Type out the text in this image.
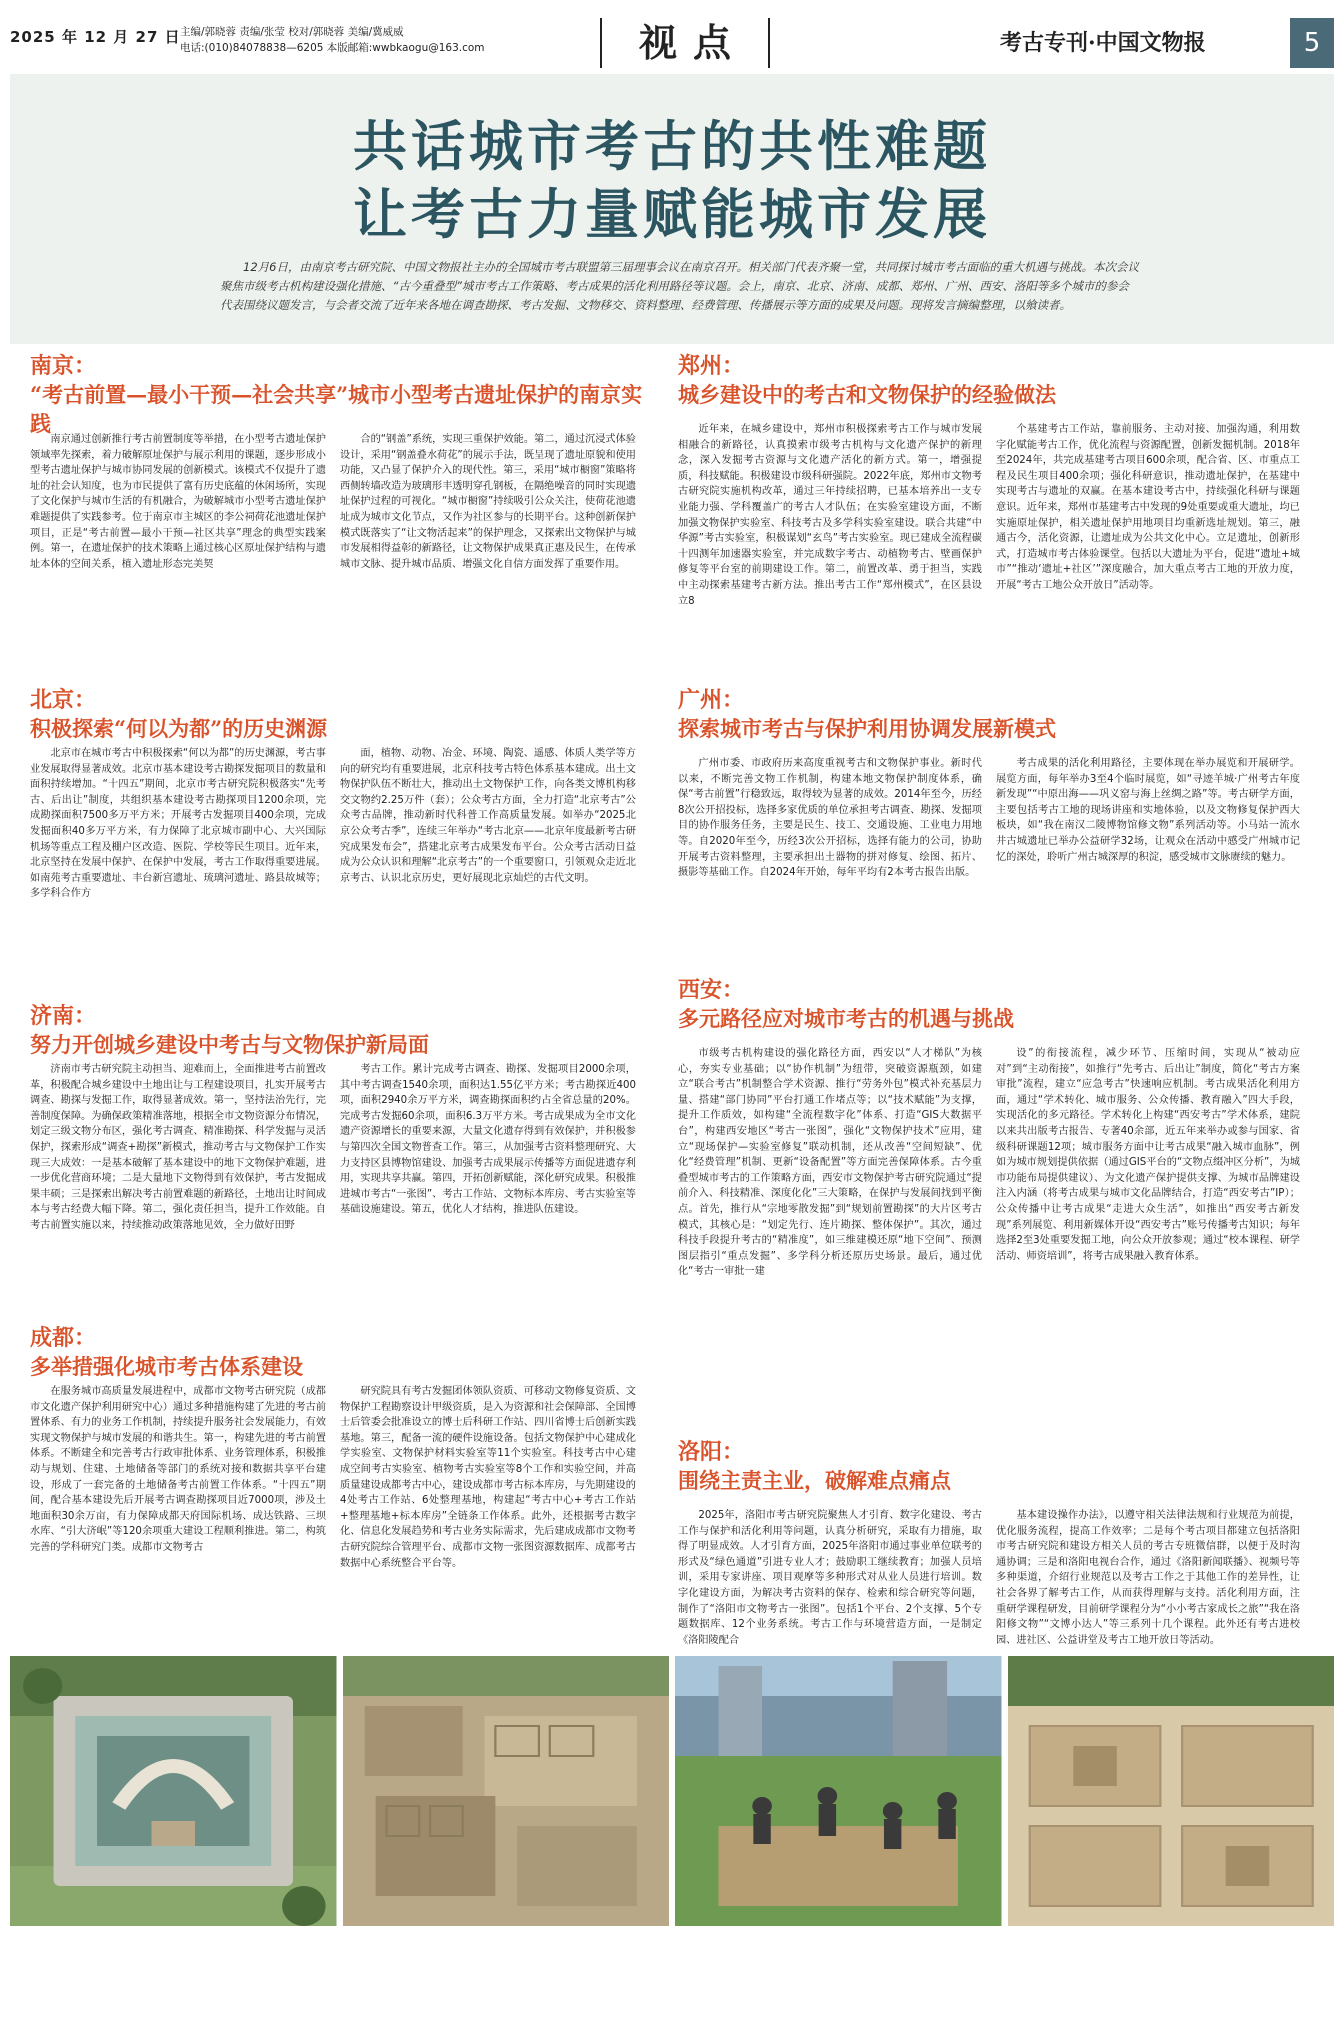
2025 年 12 月 27 日 主编/郭晓蓉 责编/张莹 校对/郭晓蓉 美编/冀威威
电话:(010)84078838—6205 本版邮箱:wwbkaogu@163.com	视点	考古专刊·中国文物报	5
共话城市考古的共性难题
让考古力量赋能城市发展

12月6日，由南京考古研究院、中国文物报社主办的全国城市考古联盟第三届理事会议在南京召开。相关部门代表齐聚一堂，共同探讨城市考古面临的重大机遇与挑战。本次会议聚焦市级考古机构建设强化措施、“古今重叠型”城市考古工作策略、考古成果的活化利用路径等议题。会上，南京、北京、济南、成都、郑州、广州、西安、洛阳等多个城市的参会代表围绕议题发言，与会者交流了近年来各地在调查勘探、考古发掘、文物移交、资料整理、经费管理、传播展示等方面的成果及问题。现将发言摘编整理，以飨读者。

南京：
“考古前置—最小干预—社会共享”城市小型考古遗址保护的南京实践

南京通过创新推行考古前置制度等举措，在小型考古遗址保护领域率先探索，着力破解原址保护与展示利用的课题，逐步形成小型考古遗址保护与城市协同发展的创新模式。该模式不仅提升了遗址的社会认知度，也为市民提供了富有历史底蕴的休闲场所，实现了文化保护与城市生活的有机融合，为破解城市小型考古遗址保护难题提供了实践参考。位于南京市主城区的李公祠荷花池遗址保护项目，正是“考古前置—最小干预—社区共享”理念的典型实践案例。第一，在遗址保护的技术策略上通过核心区原址保护结构与遗址本体的空间关系，植入遗址形态完美契

合的“钢盖”系统，实现三重保护效能。第二，通过沉浸式体验设计，采用“钢盖叠水荷花”的展示手法，既呈现了遗址原貌和使用功能，又凸显了保护介入的现代性。第三，采用“城市橱窗”策略将西侧转墙改造为玻璃形丰透明穿孔钢板，在隔绝噪音的同时实现遗址保护过程的可视化。“城市橱窗”持续吸引公众关注，使荷花池遗址成为城市文化节点，又作为社区参与的长期平台。这种创新保护模式既落实了“让文物活起来”的保护理念，又探索出文物保护与城市发展相得益彰的新路径，让文物保护成果真正惠及民生，在传承城市文脉、提升城市品质、增强文化自信方面发挥了重要作用。

北京：
积极探索“何以为都”的历史渊源

北京市在城市考古中积极探索“何以为都”的历史渊源，考古事业发展取得显著成效。北京市基本建设考古勘探发掘项目的数量和面积持续增加。“十四五”期间，北京市考古研究院积极落实“先考古、后出让”制度，共组织基本建设考古勘探项目1200余项，完成勘探面积7500多万平方米；开展考古发掘项目400余项，完成发掘面积40多万平方米，有力保障了北京城市副中心、大兴国际机场等重点工程及棚户区改造、医院、学校等民生项目。近年来，北京坚持在发展中保护、在保护中发展，考古工作取得重要进展。如南苑考古重要遗址、丰台新宫遗址、琉璃河遗址、路县故城等；多学科合作方

面，植物、动物、冶金、环境、陶瓷、遥感、体质人类学等方向的研究均有重要进展，北京科技考古特色体系基本建成。出土文物保护队伍不断壮大，推动出土文物保护工作，向各类文博机构移交文物约2.25万件（套）；公众考古方面，全力打造“北京考古”公众考古品牌，推动新时代科普工作高质量发展。如举办“2025北京公众考古季”，连续三年举办“考古北京——北京年度最新考古研究成果发布会”，搭建北京考古成果发布平台。公众考古活动日益成为公众认识和理解“北京考古”的一个重要窗口，引领观众走近北京考古、认识北京历史，更好展现北京灿烂的古代文明。

济南：
努力开创城乡建设中考古与文物保护新局面

济南市考古研究院主动担当、迎难而上，全面推进考古前置改革，积极配合城乡建设中土地出让与工程建设项目，扎实开展考古调查、勘探与发掘工作，取得显著成效。第一，坚持法治先行，完善制度保障。为确保政策精准落地，根据全市文物资源分布情况，划定三级文物分布区，强化考古调查、精准勘探、科学发掘与灵活保护，探索形成“调查+勘探”新模式，推动考古与文物保护工作实现三大成效：一是基本破解了基本建设中的地下文物保护难题，进一步优化营商环境；二是大量地下文物得到有效保护，考古发掘成果丰硕；三是探索出解决考古前置难题的新路径，土地出让时间成本与考古经费大幅下降。第二，强化责任担当，提升工作效能。自考古前置实施以来，持续推动政策落地见效，全力做好田野

考古工作。累计完成考古调查、勘探、发掘项目2000余项，其中考古调查1540余项，面积达1.55亿平方米；考古勘探近400项，面积2940余万平方米，调查勘探面积约占全省总量的20%。完成考古发掘60余项，面积6.3万平方米。考古成果成为全市文化遗产资源增长的重要来源，大量文化遗存得到有效保护，并积极参与第四次全国文物普查工作。第三，从加强考古资料整理研究、大力支持区县博物馆建设、加强考古成果展示传播等方面促进遗存利用，实现共享共赢。第四，开拓创新赋能，深化研究成果。积极推进城市考古“一张图”、考古工作站、文物标本库房、考古实验室等基础设施建设。第五，优化人才结构，推进队伍建设。

成都：
多举措强化城市考古体系建设

在服务城市高质量发展进程中，成都市文物考古研究院（成都市文化遗产保护利用研究中心）通过多种措施构建了先进的考古前置体系、有力的业务工作机制，持续提升服务社会发展能力，有效实现文物保护与城市发展的和谐共生。第一，构建先进的考古前置体系。不断建全和完善考古行政审批体系、业务管理体系，积极推动与规划、住建、土地储备等部门的系统对接和数据共享平台建设，形成了一套完备的土地储备考古前置工作体系。“十四五”期间，配合基本建设先后开展考古调查勘探项目近7000项，涉及土地面积30余万亩，有力保障成都天府国际机场、成达铁路、三坝水库、“引大济岷”等120余项重大建设工程顺利推进。第二，构筑完善的学科研究门类。成都市文物考古

研究院具有考古发掘团体领队资质、可移动文物修复资质、文物保护工程勘察设计甲级资质，是入为资源和社会保障部、全国博士后管委会批准设立的博士后科研工作站、四川省博士后创新实践基地。第三，配备一流的硬件设施设备。包括文物保护中心建成化学实验室、文物保护材料实验室等11个实验室。科技考古中心建成空间考古实验室、植物考古实验室等8个工作和实验空间，并高质量建设成都考古中心，建设成都市考古标本库房，与先期建设的4处考古工作站、6处整理基地，构建起“考古中心+考古工作站+整理基地+标本库房”全链条工作体系。此外，还根据考古数字化、信息化发展趋势和考古业务实际需求，先后建成成都市文物考古研究院综合管理平台、成都市文物一张图资源数据库、成都考古数据中心系统整合平台等。

郑州：
城乡建设中的考古和文物保护的经验做法

近年来，在城乡建设中，郑州市积极探索考古工作与城市发展相融合的新路径，认真摸索市级考古机构与文化遗产保护的新理念，深入发掘考古资源与文化遗产活化的新方式。第一，增强提质，科技赋能。积极建设市级科研强院。2022年底，郑州市文物考古研究院实施机构改革，通过三年持续招聘，已基本培养出一支专业能力强、学科覆盖广的考古人才队伍；在实验室建设方面，不断加强文物保护实验室、科技考古及多学科实验室建设。联合共建“中华源”考古实验室，积极谋划“玄鸟”考古实验室。现已建成全流程碳十四测年加速器实验室，并完成数字考古、动植物考古、壁画保护修复等平台室的前期建设工作。第二，前置改革、勇于担当，实践中主动探索基建考古新方法。推出考古工作“郑州模式”，在区县设立8

个基建考古工作站，靠前服务、主动对接、加强沟通，利用数字化赋能考古工作，优化流程与资源配置，创新发掘机制。2018年至2024年，共完成基建考古项目600余项，配合省、区、市重点工程及民生项目400余项；强化科研意识，推动遗址保护，在基建中实现考古与遗址的双赢。在基本建设考古中，持续强化科研与课题意识。近年来，郑州市基建考古中发现的9处重要或重大遗址，均已实施原址保护，相关遗址保护用地项目均重新选址规划。第三，融通古今，活化资源，让遗址成为公共文化中心。立足遗址，创新形式，打造城市考古体验课堂。包括以大遗址为平台，促进“遗址+城市”“推动‘遗址+社区’”深度融合，加大重点考古工地的开放力度，开展“考古工地公众开放日”活动等。

广州：
探索城市考古与保护利用协调发展新模式

广州市委、市政府历来高度重视考古和文物保护事业。新时代以来，不断完善文物工作机制，构建本地文物保护制度体系，确保“考古前置”行稳致远，取得较为显著的成效。2014年至今，历经8次公开招投标，选择多家优质的单位承担考古调查、勘探、发掘项目的协作服务任务，主要是民生、技工、交通设施、工业电力用地等。自2020年至今，历经3次公开招标，选择有能力的公司，协助开展考古资料整理，主要承担出土器物的拼对修复、绘图、拓片、摄影等基础工作。自2024年开始，每年平均有2本考古报告出版。

考古成果的活化利用路径，主要体现在举办展览和开展研学。展览方面，每年举办3至4个临时展览，如“寻迹羊城·广州考古年度新发现”“中原出海——巩义窑与海上丝绸之路”等。考古研学方面，主要包括考古工地的现场讲座和实地体验，以及文物修复保护西大板块，如“我在南汉二陵博物馆修文物”系列活动等。小马站一流水井古城遗址已举办公益研学32场，让观众在活动中感受广州城市记忆的深处，聆听广州古城深厚的积淀，感受城市文脉赓续的魅力。

西安：
多元路径应对城市考古的机遇与挑战

市级考古机构建设的强化路径方面，西安以“人才梯队”为核心，夯实专业基础；以“协作机制”为纽带，突破资源瓶颈，如建立“联合考古”机制整合学术资源、推行“劳务外包”模式补充基层力量、搭建“部门协同”平台打通工作堵点等；以“技术赋能”为支撑，提升工作质效，如构建“全流程数字化”体系、打造“GIS大数据平台”，构建西安地区“考古一张图”，强化“文物保护技术”应用，建立“现场保护—实验室修复”联动机制，还从改善“空间短缺”、优化“经费管理”机制、更新“设备配置”等方面完善保障体系。古今重叠型城市考古的工作策略方面，西安市文物保护考古研究院通过“提前介入、科技精准、深度化化”三大策略，在保护与发展间找到平衡点。首先，推行从“宗地零散发掘”到“规划前置勘探”的大片区考古模式，其核心是：“划定先行、连片勘探、整体保护”。其次，通过科技手段提升考古的“精准度”，如三维建模还原“地下空间”、预测图层指引“重点发掘”、多学科分析还原历史场景。最后，通过优化“考古一审批一建

设”的衔接流程，减少环节、压缩时间，实现从“被动应对”到“主动衔接”，如推行“先考古、后出让”制度，简化“考古方案审批”流程，建立“应急考古”快速响应机制。考古成果活化利用方面，通过“学术转化、城市服务、公众传播、教育融入”四大手段，实现活化的多元路径。学术转化上构建“西安考古”学术体系，建院以来共出版考古报告、专著40余部，近五年来举办或参与国家、省级科研课题12项；城市服务方面中让考古成果“融入城市血脉”，例如为城市规划提供依据（通过GIS平台的“文物点缀冲区分析”，为城市功能布局提供建议）、为文化遗产保护提供支撑、为城市品牌建设注入内涵（将考古成果与城市文化品牌结合，打造“西安考古”IP）；公众传播中让考古成果“走进大众生活”，如推出“西安考古新发现”系列展览、利用新媒体开设“西安考古”账号传播考古知识；每年选择2至3处重要发掘工地，向公众开放参观；通过“校本课程、研学活动、师资培训”，将考古成果融入教育体系。

洛阳：
围绕主责主业，破解难点痛点

2025年，洛阳市考古研究院聚焦人才引育、数字化建设、考古工作与保护和活化利用等问题，认真分析研究，采取有力措施，取得了明显成效。人才引育方面，2025年洛阳市通过事业单位联考的形式及“绿色通道”引进专业人才；鼓励职工继续教育；加强人员培训，采用专家讲座、项目观摩等多种形式对从业人员进行培训。数字化建设方面，为解决考古资料的保存、检索和综合研究等问题，制作了“洛阳市文物考古一张图”。包括1个平台、2个支撑、5个专题数据库、12个业务系统。考古工作与环境营造方面，一是制定《洛阳陵配合

基本建设操作办法》，以遵守相关法律法规和行业规范为前提，优化服务流程，提高工作效率；二是每个考古项目都建立包括洛阳市考古研究院和建设方相关人员的考古专班微信群，以便于及时沟通协调；三是和洛阳电视台合作，通过《洛阳新闻联播》、视频号等多种渠道，介绍行业规范以及考古工作之于其他工作的差异性，让社会各界了解考古工作，从而获得理解与支持。活化利用方面，注重研学课程研发，目前研学课程分为“小小考古家成长之旅”“我在洛阳修文物”“文博小达人”等三系列十几个课程。此外还有考古进校园、进社区、公益讲堂及考古工地开放日等活动。
